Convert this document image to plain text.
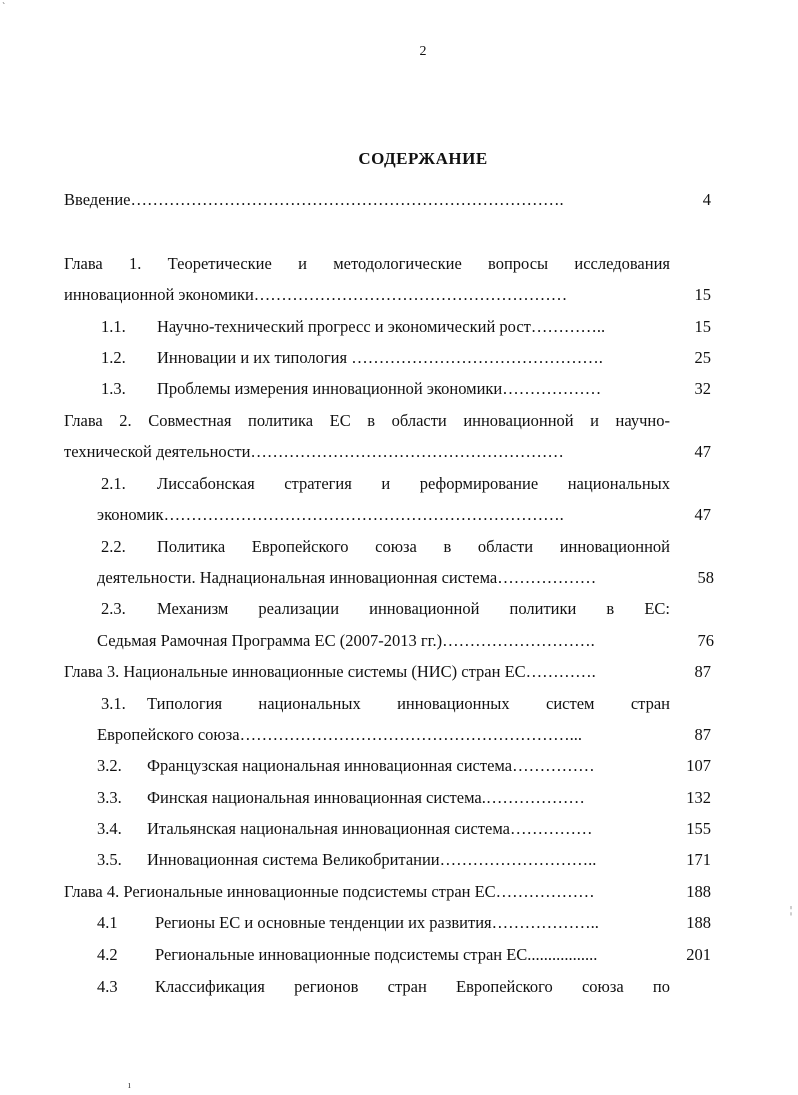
2
СОДЕРЖАНИЕ
Введение…………………………………………………………………….	4
Глава 1. Теоретические и методологические вопросы исследования
инновационной экономики…………………………………………………	15
1.1. Научно-технический прогресс и экономический рост…………..	15
1.2. Инновации и их типология ……………………………………….	25
1.3. Проблемы измерения инновационной экономики………………	32
Глава 2. Совместная политика ЕС в области инновационной и научно-
технической деятельности…………………………………………………	47
2.1. Лиссабонская стратегия и реформирование национальных
экономик……………………………………………………………….	47
2.2. Политика Европейского союза в области инновационной
деятельности. Наднациональная инновационная система………………	58
2.3. Механизм реализации инновационной политики в ЕС:
Седьмая Рамочная Программа ЕС (2007-2013 гг.)……………………….	76
Глава 3. Национальные инновационные системы (НИС) стран ЕС………….	87
3.1. Типология национальных инновационных систем стран
Европейского союза……………………………………………………...	87
3.2. Французская национальная инновационная система……………	107
3.3. Финская национальная инновационная система.………………	132
3.4. Итальянская национальная инновационная система……………	155
3.5. Инновационная система Великобритании………………………..	171
Глава 4. Региональные инновационные подсистемы стран ЕС………………	188
4.1 Регионы ЕС и основные тенденции их развития………………..	188
4.2 Региональные инновационные подсистемы стран ЕС.................	201
4.3 Классификация регионов стран Европейского союза по
ˋ
¦
ı
